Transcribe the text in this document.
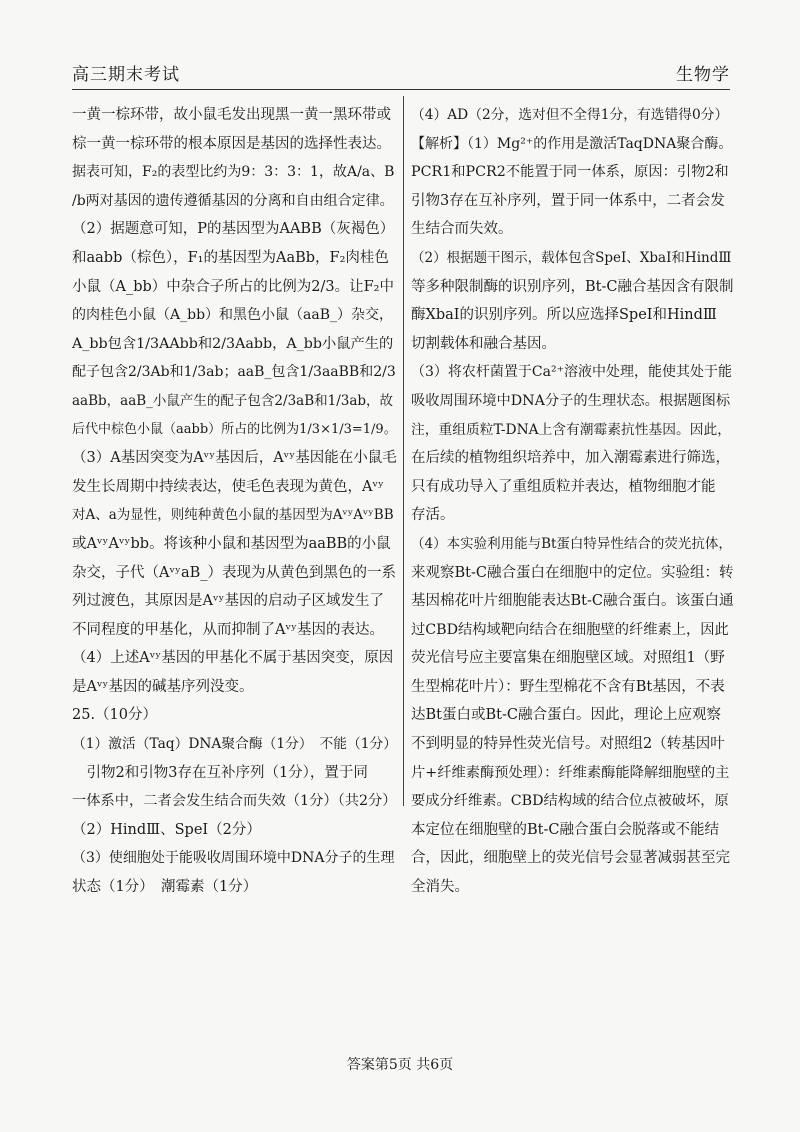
高三期末考试	生物学
一黄一棕环带，故小鼠毛发出现黑一黄一黑环带或
棕一黄一棕环带的根本原因是基因的选择性表达。
据表可知，F₂的表型比约为9：3：3：1，故A/a、B
/b两对基因的遗传遵循基因的分离和自由组合定律。
（2）据题意可知，P的基因型为AABB（灰褐色）
和aabb（棕色），F₁的基因型为AaBb，F₂肉桂色
小鼠（A_bb）中杂合子所占的比例为2/3。让F₂中
的肉桂色小鼠（A_bb）和黑色小鼠（aaB_）杂交，
A_bb包含1/3AAbb和2/3Aabb，A_bb小鼠产生的
配子包含2/3Ab和1/3ab；aaB_包含1/3aaBB和2/3
aaBb，aaB_小鼠产生的配子包含2/3aB和1/3ab，故
后代中棕色小鼠（aabb）所占的比例为1/3×1/3=1/9。
（3）A基因突变为Aᵛʸ基因后，Aᵛʸ基因能在小鼠毛
发生长周期中持续表达，使毛色表现为黄色，Aᵛʸ
对A、a为显性，则纯种黄色小鼠的基因型为AᵛʸAᵛʸBB
或AᵛʸAᵛʸbb。将该种小鼠和基因型为aaBB的小鼠
杂交，子代（AᵛʸaB_）表现为从黄色到黑色的一系
列过渡色，其原因是Aᵛʸ基因的启动子区域发生了
不同程度的甲基化，从而抑制了Aᵛʸ基因的表达。
（4）上述Aᵛʸ基因的甲基化不属于基因突变，原因
是Aᵛʸ基因的碱基序列没变。
25.（10分）
（1）激活（Taq）DNA聚合酶（1分）　不能（1分）
　引物2和引物3存在互补序列（1分），置于同
一体系中，二者会发生结合而失效（1分）（共2分）
（2）HindⅢ、SpeⅠ（2分）
（3）使细胞处于能吸收周围环境中DNA分子的生理
状态（1分）　潮霉素（1分）
（4）AD（2分，选对但不全得1分，有选错得0分）
【解析】（1）Mg²⁺的作用是激活TaqDNA聚合酶。
PCR1和PCR2不能置于同一体系，原因：引物2和
引物3存在互补序列，置于同一体系中，二者会发
生结合而失效。
（2）根据题干图示，载体包含SpeⅠ、XbaⅠ和HindⅢ
等多种限制酶的识别序列，Bt-C融合基因含有限制
酶XbaⅠ的识别序列。所以应选择SpeⅠ和HindⅢ
切割载体和融合基因。
（3）将农杆菌置于Ca²⁺溶液中处理，能使其处于能
吸收周围环境中DNA分子的生理状态。根据题图标
注，重组质粒T-DNA上含有潮霉素抗性基因。因此，
在后续的植物组织培养中，加入潮霉素进行筛选，
只有成功导入了重组质粒并表达，植物细胞才能
存活。
（4）本实验利用能与Bt蛋白特异性结合的荧光抗体，
来观察Bt-C融合蛋白在细胞中的定位。实验组：转
基因棉花叶片细胞能表达Bt-C融合蛋白。该蛋白通
过CBD结构域靶向结合在细胞壁的纤维素上，因此
荧光信号应主要富集在细胞壁区域。对照组1（野
生型棉花叶片）：野生型棉花不含有Bt基因，不表
达Bt蛋白或Bt-C融合蛋白。因此，理论上应观察
不到明显的特异性荧光信号。对照组2（转基因叶
片+纤维素酶预处理）：纤维素酶能降解细胞壁的主
要成分纤维素。CBD结构域的结合位点被破坏，原
本定位在细胞壁的Bt-C融合蛋白会脱落或不能结
合，因此，细胞壁上的荧光信号会显著减弱甚至完
全消失。
答案第5页 共6页
